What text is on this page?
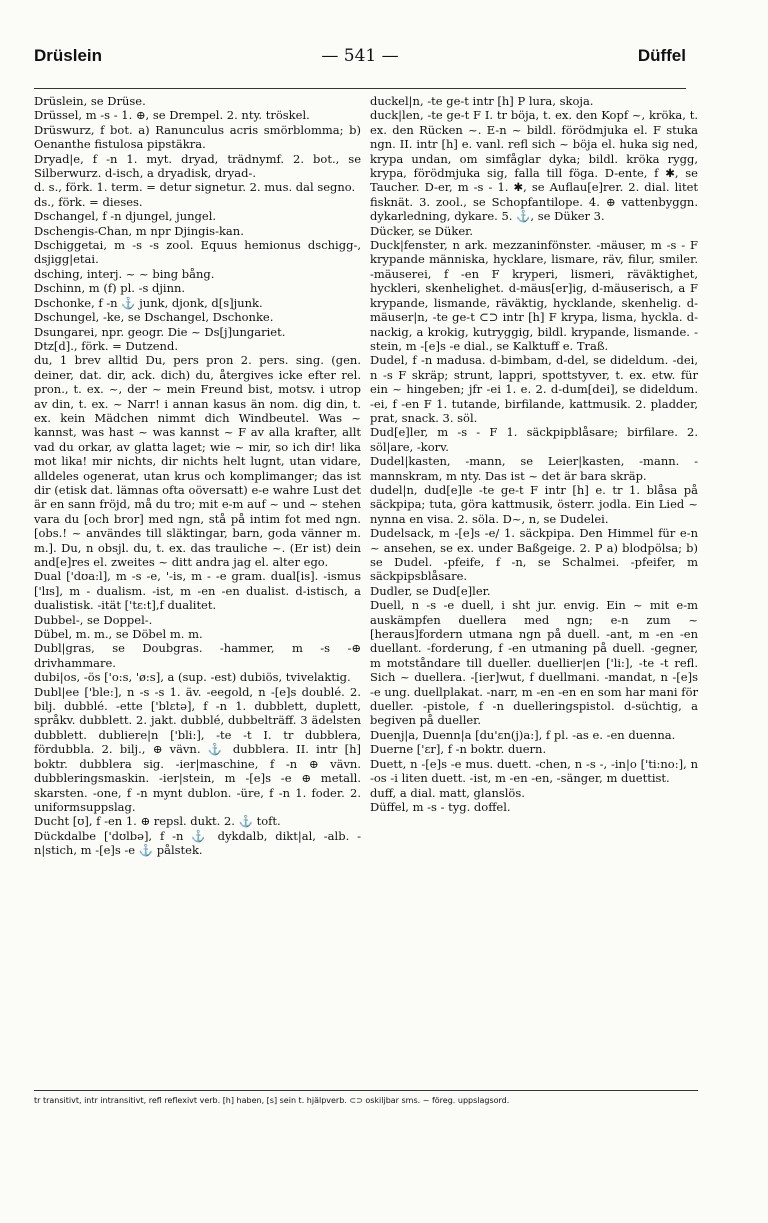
Drüslein	— 541 —	Düffel

Drüslein, se Drüse.

Drüssel, m -s - 1. ⊕, se Drempel. 2. nty. tröskel.

Drüswurz, f bot. a) Ranunculus acris smörblomma; b) Oenanthe fistulosa pipstäkra.

Dryad|e, f -n 1. myt. dryad, trädnymf. 2. bot., se Silberwurz. d-isch, a dryadisk, dryad-.

d. s., förk. 1. term. = detur signetur. 2. mus. dal segno.

ds., förk. = dieses.

Dschangel, f -n djungel, jungel.

Dschengis-Chan, m npr Djingis-kan.

Dschiggetai, m -s -s zool. Equus hemionus dschigg-, dsjigg|etai.

dsching, interj. ~ ~ bing bång.

Dschinn, m (f) pl. -s djinn.

Dschonke, f -n ⚓ junk, djonk, d[s]junk.

Dschungel, -ke, se Dschangel, Dschonke.

Dsungarei, npr. geogr. Die ~ Ds[j]ungariet.

Dtz[d]., förk. = Dutzend.

du, 1 brev alltid Du, pers pron 2. pers. sing. (gen. deiner, dat. dir, ack. dich) du, återgives icke efter rel. pron., t. ex. ~, der ~ mein Freund bist, motsv. i utrop av din, t. ex. ~ Narr! i annan kasus än nom. dig din, t. ex. kein Mädchen nimmt dich Windbeutel. Was ~ kannst, was hast ~ was kannst ~ F av alla krafter, allt vad du orkar, av glatta laget; wie ~ mir, so ich dir! lika mot lika! mir nichts, dir nichts helt lugnt, utan vidare, alldeles ogenerat, utan krus och komplimanger; das ist dir (etisk dat. lämnas ofta oöversatt) e-e wahre Lust det är en sann fröjd, må du tro; mit e-m auf ~ und ~ stehen vara du [och bror] med ngn, stå på intim fot med ngn. [obs.! ~ användes till släktingar, barn, goda vänner m. m.]. Du, n obsjl. du, t. ex. das trauliche ~. (Er ist) dein and[e]res el. zweites ~ ditt andra jag el. alter ego.

Dual ['dʊa:l], m -s -e, '-is, m - -e gram. dual[is]. -ismus ['lɪs], m - dualism. -ist, m -en -en dualist. d-istisch, a dualistisk. -ität ['tɛ:t],f dualitet.

Dubbel-, se Doppel-.

Dübel, m. m., se Döbel m. m.

Dubl|gras, se Doubgras. -hammer, m -s -⊕ drivhammare.

dubi|os, -ös ['o:s, 'ø:s], a (sup. -est) dubiös, tvivelaktig.

Dubl|ee ['ble:], n -s -s 1. äv. -eegold, n -[e]s doublé. 2. bilj. dubblé. -ette ['blɛtə], f -n 1. dubblett, duplett, språkv. dubblett. 2. jakt. dubblé, dubbelträff. 3 ädelsten dubblett. dubliere|n ['bli:], -te -t I. tr dubblera, fördubbla. 2. bilj., ⊕ vävn. ⚓ dubblera. II. intr [h] boktr. dubblera sig. -ier|maschine, f -n ⊕ vävn. dubbleringsmaskin. -ier|stein, m -[e]s -e ⊕ metall. skarsten. -one, f -n mynt dublon. -üre, f -n 1. foder. 2. uniformsuppslag.

Ducht [ʊ], f -en 1. ⊕ repsl. dukt. 2. ⚓ toft.

Dückdalbe ['dʊlbə], f -n ⚓ dykdalb, dikt|al, -alb. -n|stich, m -[e]s -e ⚓ pålstek.

duckel|n, -te ge-t intr [h] P lura, skoja.

duck|len, -te ge-t F I. tr böja, t. ex. den Kopf ~, kröka, t. ex. den Rücken ~. E-n ~ bildl. förödmjuka el. F stuka ngn. II. intr [h] e. vanl. refl sich ~ böja el. huka sig ned, krypa undan, om simfåglar dyka; bildl. kröka rygg, krypa, förödmjuka sig, falla till föga. D-ente, f ✱, se Taucher. D-er, m -s - 1. ✱, se Auflau[e]rer. 2. dial. litet fisknät. 3. zool., se Schopfantilope. 4. ⊕ vattenbyggn. dykarledning, dykare. 5. ⚓, se Düker 3.

Dücker, se Düker.

Duck|fenster, n ark. mezzaninfönster. -mäuser, m -s - F krypande människa, hycklare, lismare, räv, filur, smiler. -mäuserei, f -en F kryperi, lismeri, räväktighet, hyckleri, skenhelighet. d-mäus[er]ig, d-mäuserisch, a F krypande, lismande, räväktig, hycklande, skenhelig. d-mäuser|n, -te ge-t ⊂⊃ intr [h] F krypa, lisma, hyckla. d-nackig, a krokig, kutryggig, bildl. krypande, lismande. -stein, m -[e]s -e dial., se Kalktuff e. Traß.

Dudel, f -n madusa. d-bimbam, d-del, se dideldum. -dei, n -s F skräp; strunt, lappri, spottstyver, t. ex. etw. für ein ~ hingeben; jfr -ei 1. e. 2. d-dum[dei], se dideldum. -ei, f -en F 1. tutande, birfilande, kattmusik. 2. pladder, prat, snack. 3. söl.

Dud[e]ler, m -s - F 1. säckpipblåsare; birfilare. 2. söl|are, -korv.

Dudel|kasten, -mann, se Leier|kasten, -mann. -mannskram, m nty. Das ist ~ det är bara skräp.

dudel|n, dud[e]le -te ge-t F intr [h] e. tr 1. blåsa på säckpipa; tuta, göra kattmusik, österr. jodla. Ein Lied ~ nynna en visa. 2. söla. D~, n, se Dudelei.

Dudelsack, m -[e]s -e/ 1. säckpipa. Den Himmel für e-n ~ ansehen, se ex. under Baßgeige. 2. P a) blodpölsa; b) se Dudel. -pfeife, f -n, se Schalmei. -pfeifer, m säckpipsblåsare.

Dudler, se Dud[e]ler.

Duell, n -s -e duell, i sht jur. envig. Ein ~ mit e-m auskämpfen duellera med ngn; e-n zum ~ [heraus]fordern utmana ngn på duell. -ant, m -en -en duellant. -forderung, f -en utmaning på duell. -gegner, m motståndare till dueller. duellier|en ['li:], -te -t refl. Sich ~ duellera. -[ier]wut, f duellmani. -mandat, n -[e]s -e ung. duellplakat. -narr, m -en -en en som har mani för dueller. -pistole, f -n duelleringspistol. d-süchtig, a begiven på dueller.

Duenj|a, Duenn|a [du'ɛn(j)a:], f pl. -as e. -en duenna.

Duerne ['ɛr], f -n boktr. duern.

Duett, n -[e]s -e mus. duett. -chen, n -s -, -in|o ['ti:no:], n -os -i liten duett. -ist, m -en -en, -sänger, m duettist.

duff, a dial. matt, glanslös.

Düffel, m -s - tyg. doffel.

tr transitivt, intr intransitivt, refl reflexivt verb. [h] haben, [s] sein t. hjälpverb. ⊂⊃ oskiljbar sms. ~ föreg. uppslagsord.
